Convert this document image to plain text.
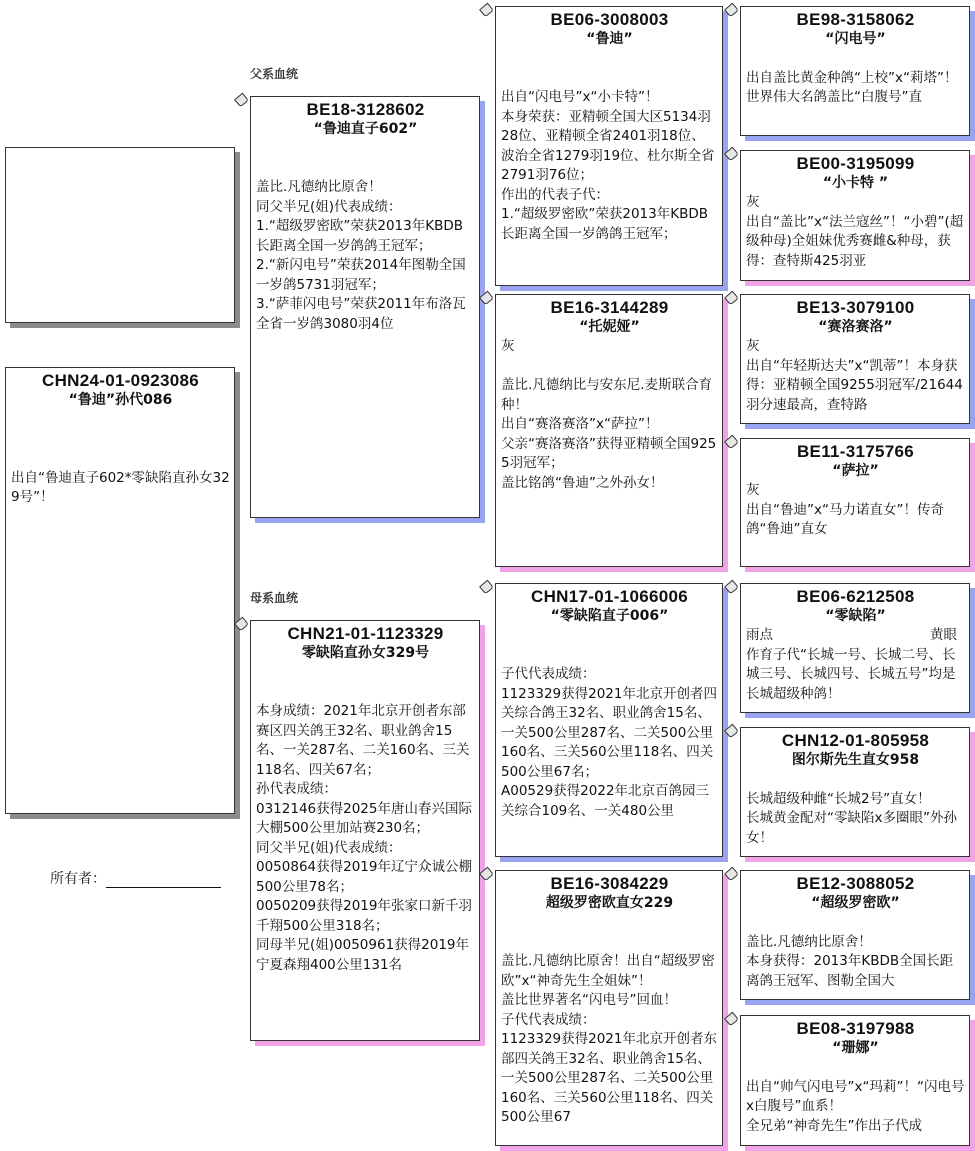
父系血统
母系血统
CHN24-01-0923086
“鲁迪”孙代086

出自“鲁迪直子602*零缺陷直孙女329号”！
所有者：
BE18-3128602
“鲁迪直子602”

盖比.凡德纳比原舍！
同父半兄(姐)代表成绩：
1.“超级罗密欧”荣获2013年KBDB长距离全国一岁鸽鸽王冠军；
2.“新闪电号”荣获2014年图勒全国一岁鸽5731羽冠军；
3.“萨菲闪电号”荣获2011年布洛瓦全省一岁鸽3080羽4位
CHN21-01-1123329
零缺陷直孙女329号

本身成绩：2021年北京开创者东部赛区四关鸽王32名、职业鸽舍15名、一关287名、二关160名、三关118名、四关67名；
孙代表成绩：
0312146获得2025年唐山春兴国际大棚500公里加站赛230名；
同父半兄(姐)代表成绩：
0050864获得2019年辽宁众诚公棚500公里78名；
0050209获得2019年张家口新千羽千翔500公里318名；
同母半兄(姐)0050961获得2019年宁夏森翔400公里131名
BE06-3008003
“鲁迪”

出自“闪电号”x“小卡特”！
本身荣获：亚精顿全国大区5134羽28位、亚精顿全省2401羽18位、波治全省1279羽19位、杜尔斯全省2791羽76位；
作出的代表子代：
1.“超级罗密欧”荣获2013年KBDB长距离全国一岁鸽鸽王冠军；
BE16-3144289
“托妮娅”
灰

盖比.凡德纳比与安东尼.麦斯联合育种！
出自“赛洛赛洛”x“萨拉”！
父亲“赛洛赛洛”获得亚精顿全国9255羽冠军；
盖比铭鸽“鲁迪”之外孙女！
CHN17-01-1066006
“零缺陷直子006”

子代代表成绩：
1123329获得2021年北京开创者四关综合鸽王32名、职业鸽舍15名、一关500公里287名、二关500公里160名、三关560公里118名、四关500公里67名；
A00529获得2022年北京百鸽园三关综合109名、一关480公里
BE16-3084229
超级罗密欧直女229

盖比.凡德纳比原舍！出自“超级罗密欧”x“神奇先生全姐妹”！
盖比世界著名“闪电号”回血！
子代代表成绩：
1123329获得2021年北京开创者东部四关鸽王32名、职业鸽舍15名、一关500公里287名、二关500公里160名、三关560公里118名、四关500公里67
BE98-3158062
“闪电号”

出自盖比黄金种鸽“上校”x“莉塔”！
世界伟大名鸽盖比“白腹号”直
BE00-3195099
“小卡特 ”
灰
出自“盖比”x“法兰寇丝”！“小碧”(超级种母)全姐妹优秀赛雌&种母，获得：查特斯425羽亚
BE13-3079100
“赛洛赛洛”
灰
出自“年轻斯达夫”x“凯蒂”！本身获得：亚精顿全国9255羽冠军/21644羽分速最高，查特路
BE11-3175766
“萨拉”
灰
出自“鲁迪”x“马力诺直女”！传奇鸽“鲁迪”直女
BE06-6212508
“零缺陷”
雨点	黄眼
作育子代“长城一号、长城二号、长城三号、长城四号、长城五号”均是长城超级种鸽！
CHN12-01-805958
图尔斯先生直女958

长城超级种雌“长城2号”直女！
长城黄金配对“零缺陷x多圈眼”外孙女！
BE12-3088052
“超级罗密欧”

盖比.凡德纳比原舍！
本身获得：2013年KBDB全国长距离鸽王冠军、图勒全国大
BE08-3197988
“珊娜”

出自“帅气闪电号”x“玛莉”！“闪电号x白腹号”血系！
全兄弟“神奇先生”作出子代成
